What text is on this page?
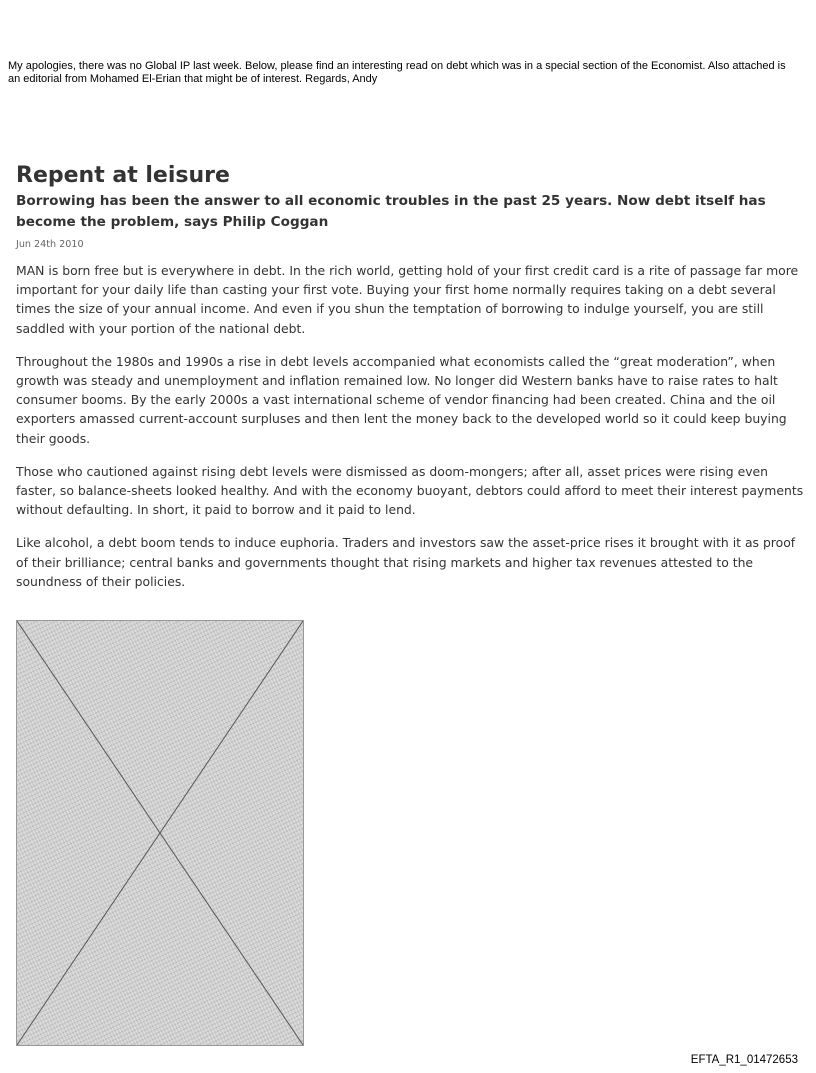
My apologies, there was no Global IP last week. Below, please find an interesting read on debt which was in a special section of the Economist. Also attached is an editorial from Mohamed El-Erian that might be of interest. Regards, Andy

Repent at leisure

Borrowing has been the answer to all economic troubles in the past 25 years. Now debt itself has become the problem, says Philip Coggan

Jun 24th 2010

MAN is born free but is everywhere in debt. In the rich world, getting hold of your first credit card is a rite of passage far more important for your daily life than casting your first vote. Buying your first home normally requires taking on a debt several times the size of your annual income. And even if you shun the temptation of borrowing to indulge yourself, you are still saddled with your portion of the national debt.

Throughout the 1980s and 1990s a rise in debt levels accompanied what economists called the “great moderation”, when growth was steady and unemployment and inflation remained low. No longer did Western banks have to raise rates to halt consumer booms. By the early 2000s a vast international scheme of vendor financing had been created. China and the oil exporters amassed current-account surpluses and then lent the money back to the developed world so it could keep buying their goods.

Those who cautioned against rising debt levels were dismissed as doom-mongers; after all, asset prices were rising even faster, so balance-sheets looked healthy. And with the economy buoyant, debtors could afford to meet their interest payments without defaulting. In short, it paid to borrow and it paid to lend.

Like alcohol, a debt boom tends to induce euphoria. Traders and investors saw the asset-price rises it brought with it as proof of their brilliance; central banks and governments thought that rising markets and higher tax revenues attested to the soundness of their policies.

EFTA_R1_01472653
